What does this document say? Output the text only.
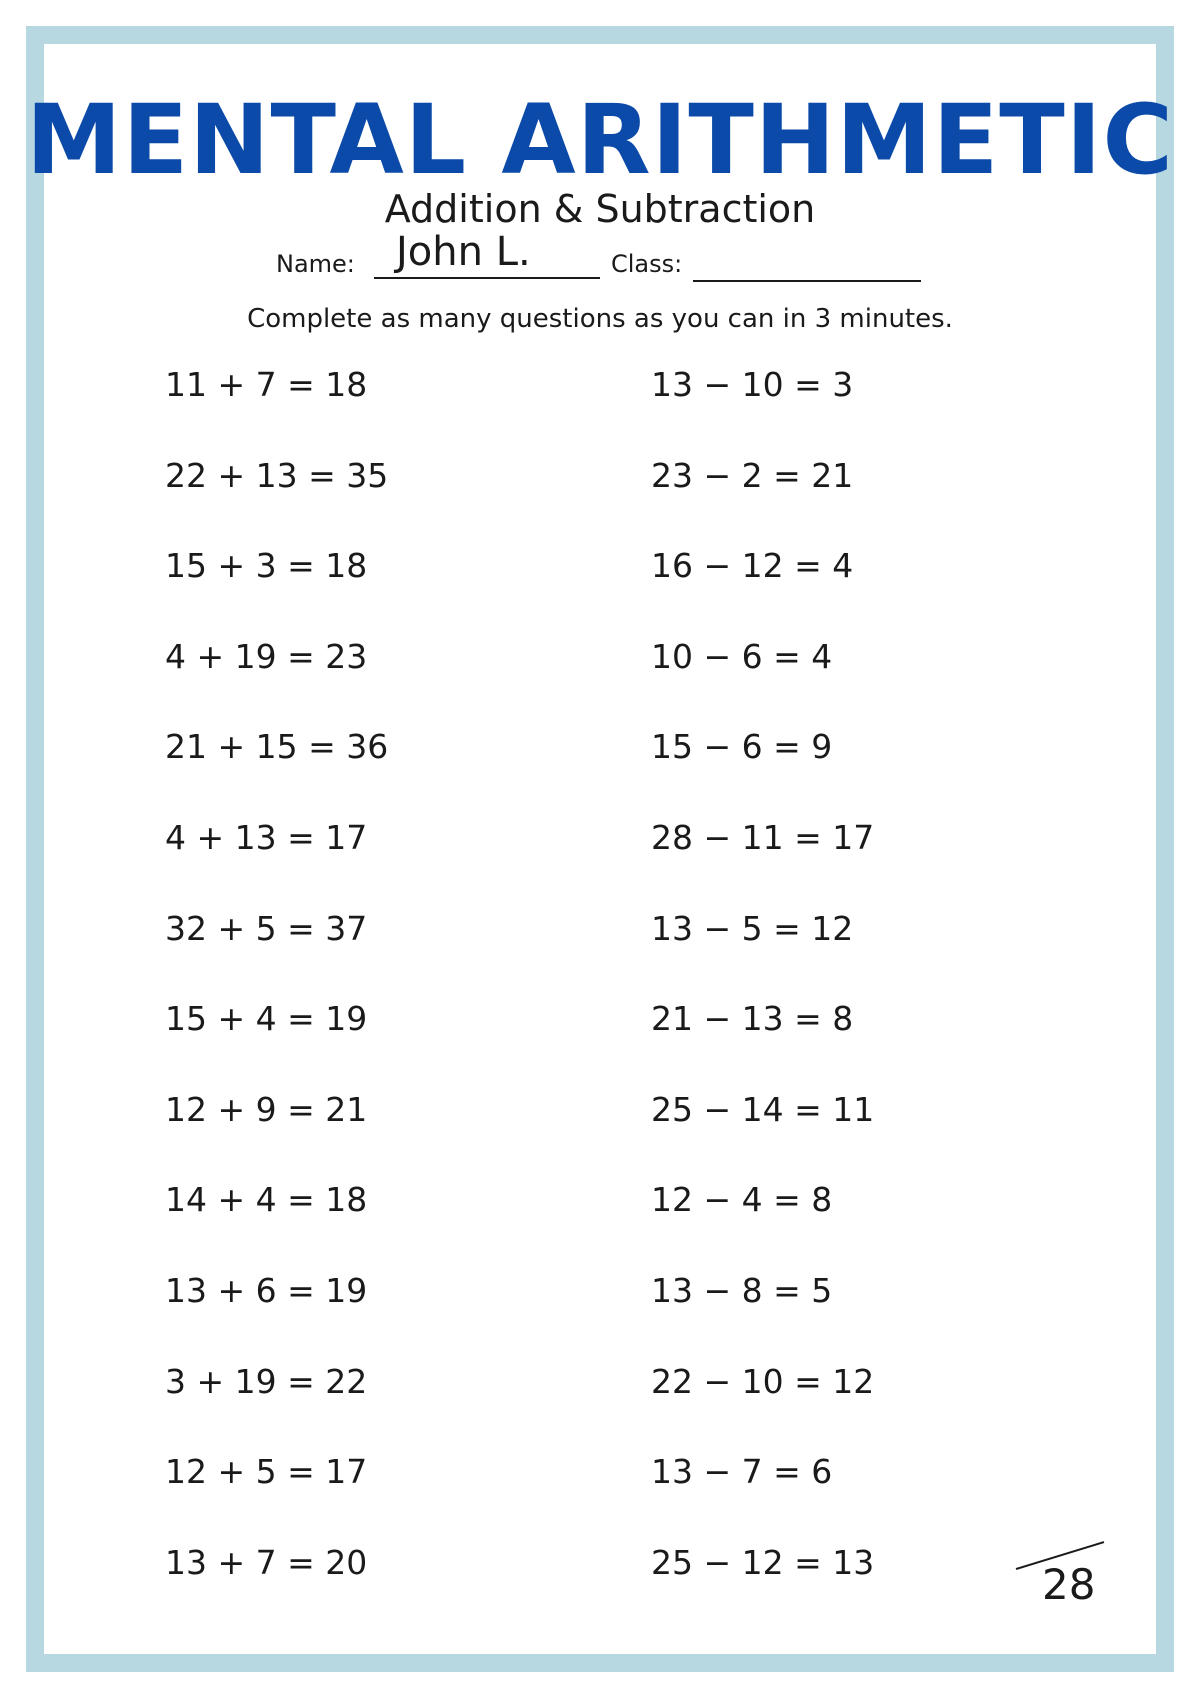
MENTAL ARITHMETIC
Addition & Subtraction
Name: John L.	Class:
Complete as many questions as you can in 3 minutes.
11 + 7 = 18
22 + 13 = 35
15 + 3 = 18
4 + 19 = 23
21 + 15 = 36
4 + 13 = 17
32 + 5 = 37
15 + 4 = 19
12 + 9 = 21
14 + 4 = 18
13 + 6 = 19
3 + 19 = 22
12 + 5 = 17
13 + 7 = 20
13 − 10 = 3
23 − 2 = 21
16 − 12 = 4
10 − 6 = 4
15 − 6 = 9
28 − 11 = 17
13 − 5 = 12
21 − 13 = 8
25 − 14 = 11
12 − 4 = 8
13 − 8 = 5
22 − 10 = 12
13 − 7 = 6
25 − 12 = 13	28
